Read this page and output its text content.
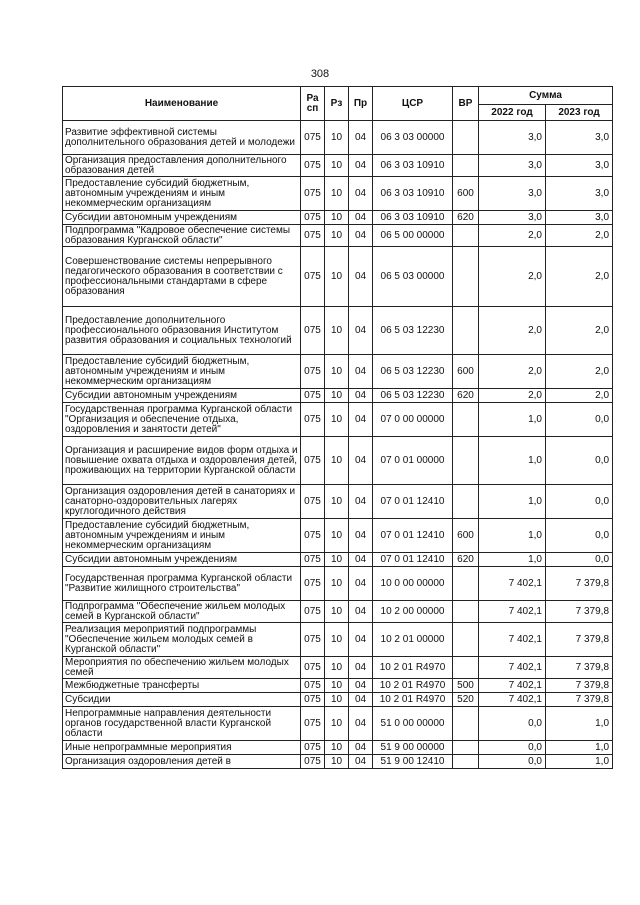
308
Наименование	Ра сп	Рз	Пр	ЦСР	ВР	Сумма	
						2022 год	2023 год
Развитие эффективной системы дополнительного образования детей и молодежи	075	10	04	06 3 03 00000		3,0	3,0
Организация предоставления дополнительного образования детей	075	10	04	06 3 03 10910		3,0	3,0
Предоставление субсидий бюджетным, автономным учреждениям и иным некоммерческим организациям	075	10	04	06 3 03 10910	600	3,0	3,0
Субсидии автономным учреждениям	075	10	04	06 3 03 10910	620	3,0	3,0
Подпрограмма "Кадровое обеспечение системы образования Курганской области"	075	10	04	06 5 00 00000		2,0	2,0
Совершенствование системы непрерывного педагогического образования в соответствии с профессиональными стандартами в сфере образования	075	10	04	06 5 03 00000		2,0	2,0
Предоставление дополнительного профессионального образования Институтом развития образования и социальных технологий	075	10	04	06 5 03 12230		2,0	2,0
Предоставление субсидий бюджетным, автономным учреждениям и иным некоммерческим организациям	075	10	04	06 5 03 12230	600	2,0	2,0
Субсидии автономным учреждениям	075	10	04	06 5 03 12230	620	2,0	2,0
Государственная программа Курганской области "Организация и обеспечение отдыха, оздоровления и занятости детей"	075	10	04	07 0 00 00000		1,0	0,0
Организация и расширение видов форм отдыха и повышение охвата отдыха и оздоровления детей, проживающих на территории Курганской области	075	10	04	07 0 01 00000		1,0	0,0
Организация оздоровления детей в санаториях и санаторно-оздоровительных лагерях круглогодичного действия	075	10	04	07 0 01 12410		1,0	0,0
Предоставление субсидий бюджетным, автономным учреждениям и иным некоммерческим организациям	075	10	04	07 0 01 12410	600	1,0	0,0
Субсидии автономным учреждениям	075	10	04	07 0 01 12410	620	1,0	0,0
Государственная программа Курганской области "Развитие жилищного строительства"	075	10	04	10 0 00 00000		7 402,1	7 379,8
Подпрограмма "Обеспечение жильем молодых семей в Курганской области"	075	10	04	10 2 00 00000		7 402,1	7 379,8
Реализация мероприятий подпрограммы "Обеспечение жильем молодых семей в Курганской области"	075	10	04	10 2 01 00000		7 402,1	7 379,8
Мероприятия по обеспечению жильем молодых семей	075	10	04	10 2 01 R4970		7 402,1	7 379,8
Межбюджетные трансферты	075	10	04	10 2 01 R4970	500	7 402,1	7 379,8
Субсидии	075	10	04	10 2 01 R4970	520	7 402,1	7 379,8
Непрограммные направления деятельности органов государственной власти Курганской области	075	10	04	51 0 00 00000		0,0	1,0
Иные непрограммные мероприятия	075	10	04	51 9 00 00000		0,0	1,0
Организация оздоровления детей в	075	10	04	51 9 00 12410		0,0	1,0
